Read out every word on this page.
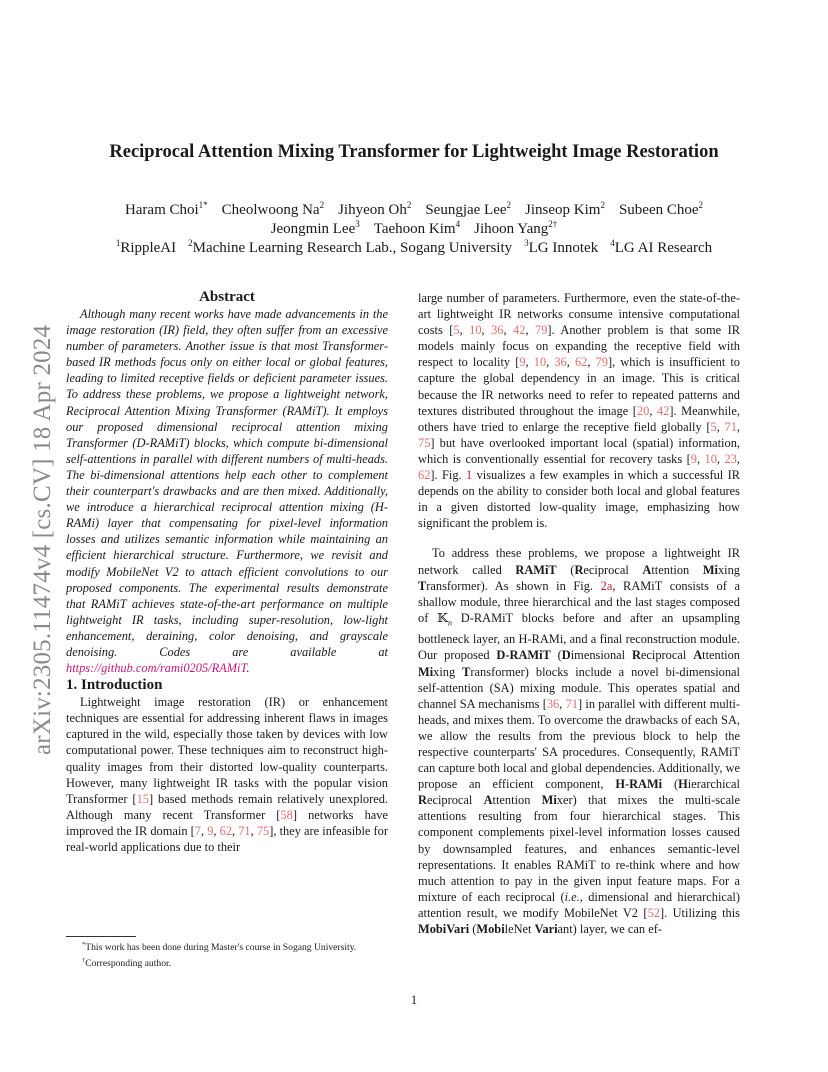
arXiv:2305.11474v4 [cs.CV] 18 Apr 2024
Reciprocal Attention Mixing Transformer for Lightweight Image Restoration
Haram Choi$^{1*}$ Cheolwoong Na$^2$ Jihyeon Oh$^2$ Seungjae Lee$^2$ Jinseop Kim$^2$ Subeen Choe$^2$
Jeongmin Lee$^3$ Taehoon Kim$^4$ Jihoon Yang$^{2\dagger}$
$^1$RippleAI $^2$Machine Learning Research Lab., Sogang University $^3$LG Innotek $^4$LG AI Research

Abstract

Although many recent works have made advancements in the image restoration (IR) field, they often suffer from an excessive number of parameters. Another issue is that most Transformer-based IR methods focus only on either local or global features, leading to limited receptive fields or deficient parameter issues. To address these problems, we propose a lightweight network, Reciprocal Attention Mixing Transformer (RAMiT). It employs our proposed dimensional reciprocal attention mixing Transformer (D-RAMiT) blocks, which compute bi-dimensional self-attentions in parallel with different numbers of multi-heads. The bi-dimensional attentions help each other to complement their counterpart's drawbacks and are then mixed. Additionally, we introduce a hierarchical reciprocal attention mixing (H-RAMi) layer that compensating for pixel-level information losses and utilizes semantic information while maintaining an efficient hierarchical structure. Furthermore, we revisit and modify MobileNet V2 to attach efficient convolutions to our proposed components. The experimental results demonstrate that RAMiT achieves state-of-the-art performance on multiple lightweight IR tasks, including super-resolution, low-light enhancement, deraining, color denoising, and grayscale denoising. Codes are available at https://github.com/rami0205/RAMiT.

1. Introduction

Lightweight image restoration (IR) or enhancement techniques are essential for addressing inherent flaws in images captured in the wild, especially those taken by devices with low computational power. These techniques aim to reconstruct high-quality images from their distorted low-quality counterparts. However, many lightweight IR tasks with the popular vision Transformer [15] based methods remain relatively unexplored. Although many recent Transformer [58] networks have improved the IR domain [7, 9, 62, 71, 75], they are infeasible for real-world applications due to their

large number of parameters. Furthermore, even the state-of-the-art lightweight IR networks consume intensive computational costs [5, 10, 36, 42, 79]. Another problem is that some IR models mainly focus on expanding the receptive field with respect to locality [9, 10, 36, 62, 79], which is insufficient to capture the global dependency in an image. This is critical because the IR networks need to refer to repeated patterns and textures distributed throughout the image [20, 42]. Meanwhile, others have tried to enlarge the receptive field globally [5, 71, 75] but have overlooked important local (spatial) information, which is conventionally essential for recovery tasks [9, 10, 23, 62]. Fig. 1 visualizes a few examples in which a successful IR depends on the ability to consider both local and global features in a given distorted low-quality image, emphasizing how significant the problem is.

To address these problems, we propose a lightweight IR network called RAMiT (Reciprocal Attention Mixing Transformer). As shown in Fig. 2a, RAMiT consists of a shallow module, three hierarchical and the last stages composed of 𝕂$_n$ D-RAMiT blocks before and after an upsampling bottleneck layer, an H-RAMi, and a final reconstruction module. Our proposed D-RAMiT (Dimensional Reciprocal Attention Mixing Transformer) blocks include a novel bi-dimensional self-attention (SA) mixing module. This operates spatial and channel SA mechanisms [36, 71] in parallel with different multi-heads, and mixes them. To overcome the drawbacks of each SA, we allow the results from the previous block to help the respective counterparts' SA procedures. Consequently, RAMiT can capture both local and global dependencies. Additionally, we propose an efficient component, H-RAMi (Hierarchical Reciprocal Attention Mixer) that mixes the multi-scale attentions resulting from four hierarchical stages. This component complements pixel-level information losses caused by downsampled features, and enhances semantic-level representations. It enables RAMiT to re-think where and how much attention to pay in the given input feature maps. For a mixture of each reciprocal (i.e., dimensional and hierarchical) attention result, we modify MobileNet V2 [52]. Utilizing this MobiVari (MobileNet Variant) layer, we can ef-

*This work has been done during Master's course in Sogang University.

†Corresponding author.

1
